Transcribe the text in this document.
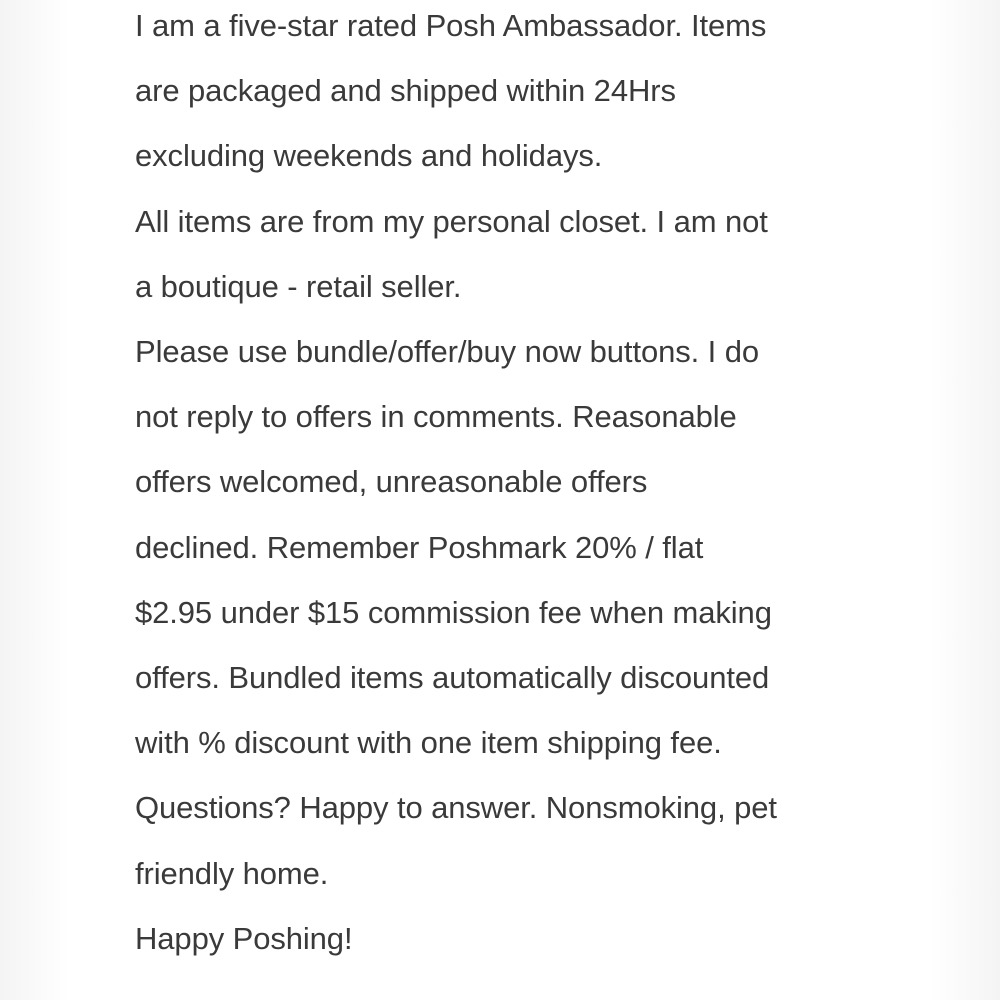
I am a five-star rated Posh Ambassador. Items
are packaged and shipped within 24Hrs
excluding weekends and holidays.
All items are from my personal closet. I am not
a boutique - retail seller.
Please use bundle/offer/buy now buttons. I do
not reply to offers in comments. Reasonable
offers welcomed, unreasonable offers
declined. Remember Poshmark 20% / flat
$2.95 under $15 commission fee when making
offers. Bundled items automatically discounted
with % discount with one item shipping fee.
Questions? Happy to answer. Nonsmoking, pet
friendly home.
Happy Poshing!
